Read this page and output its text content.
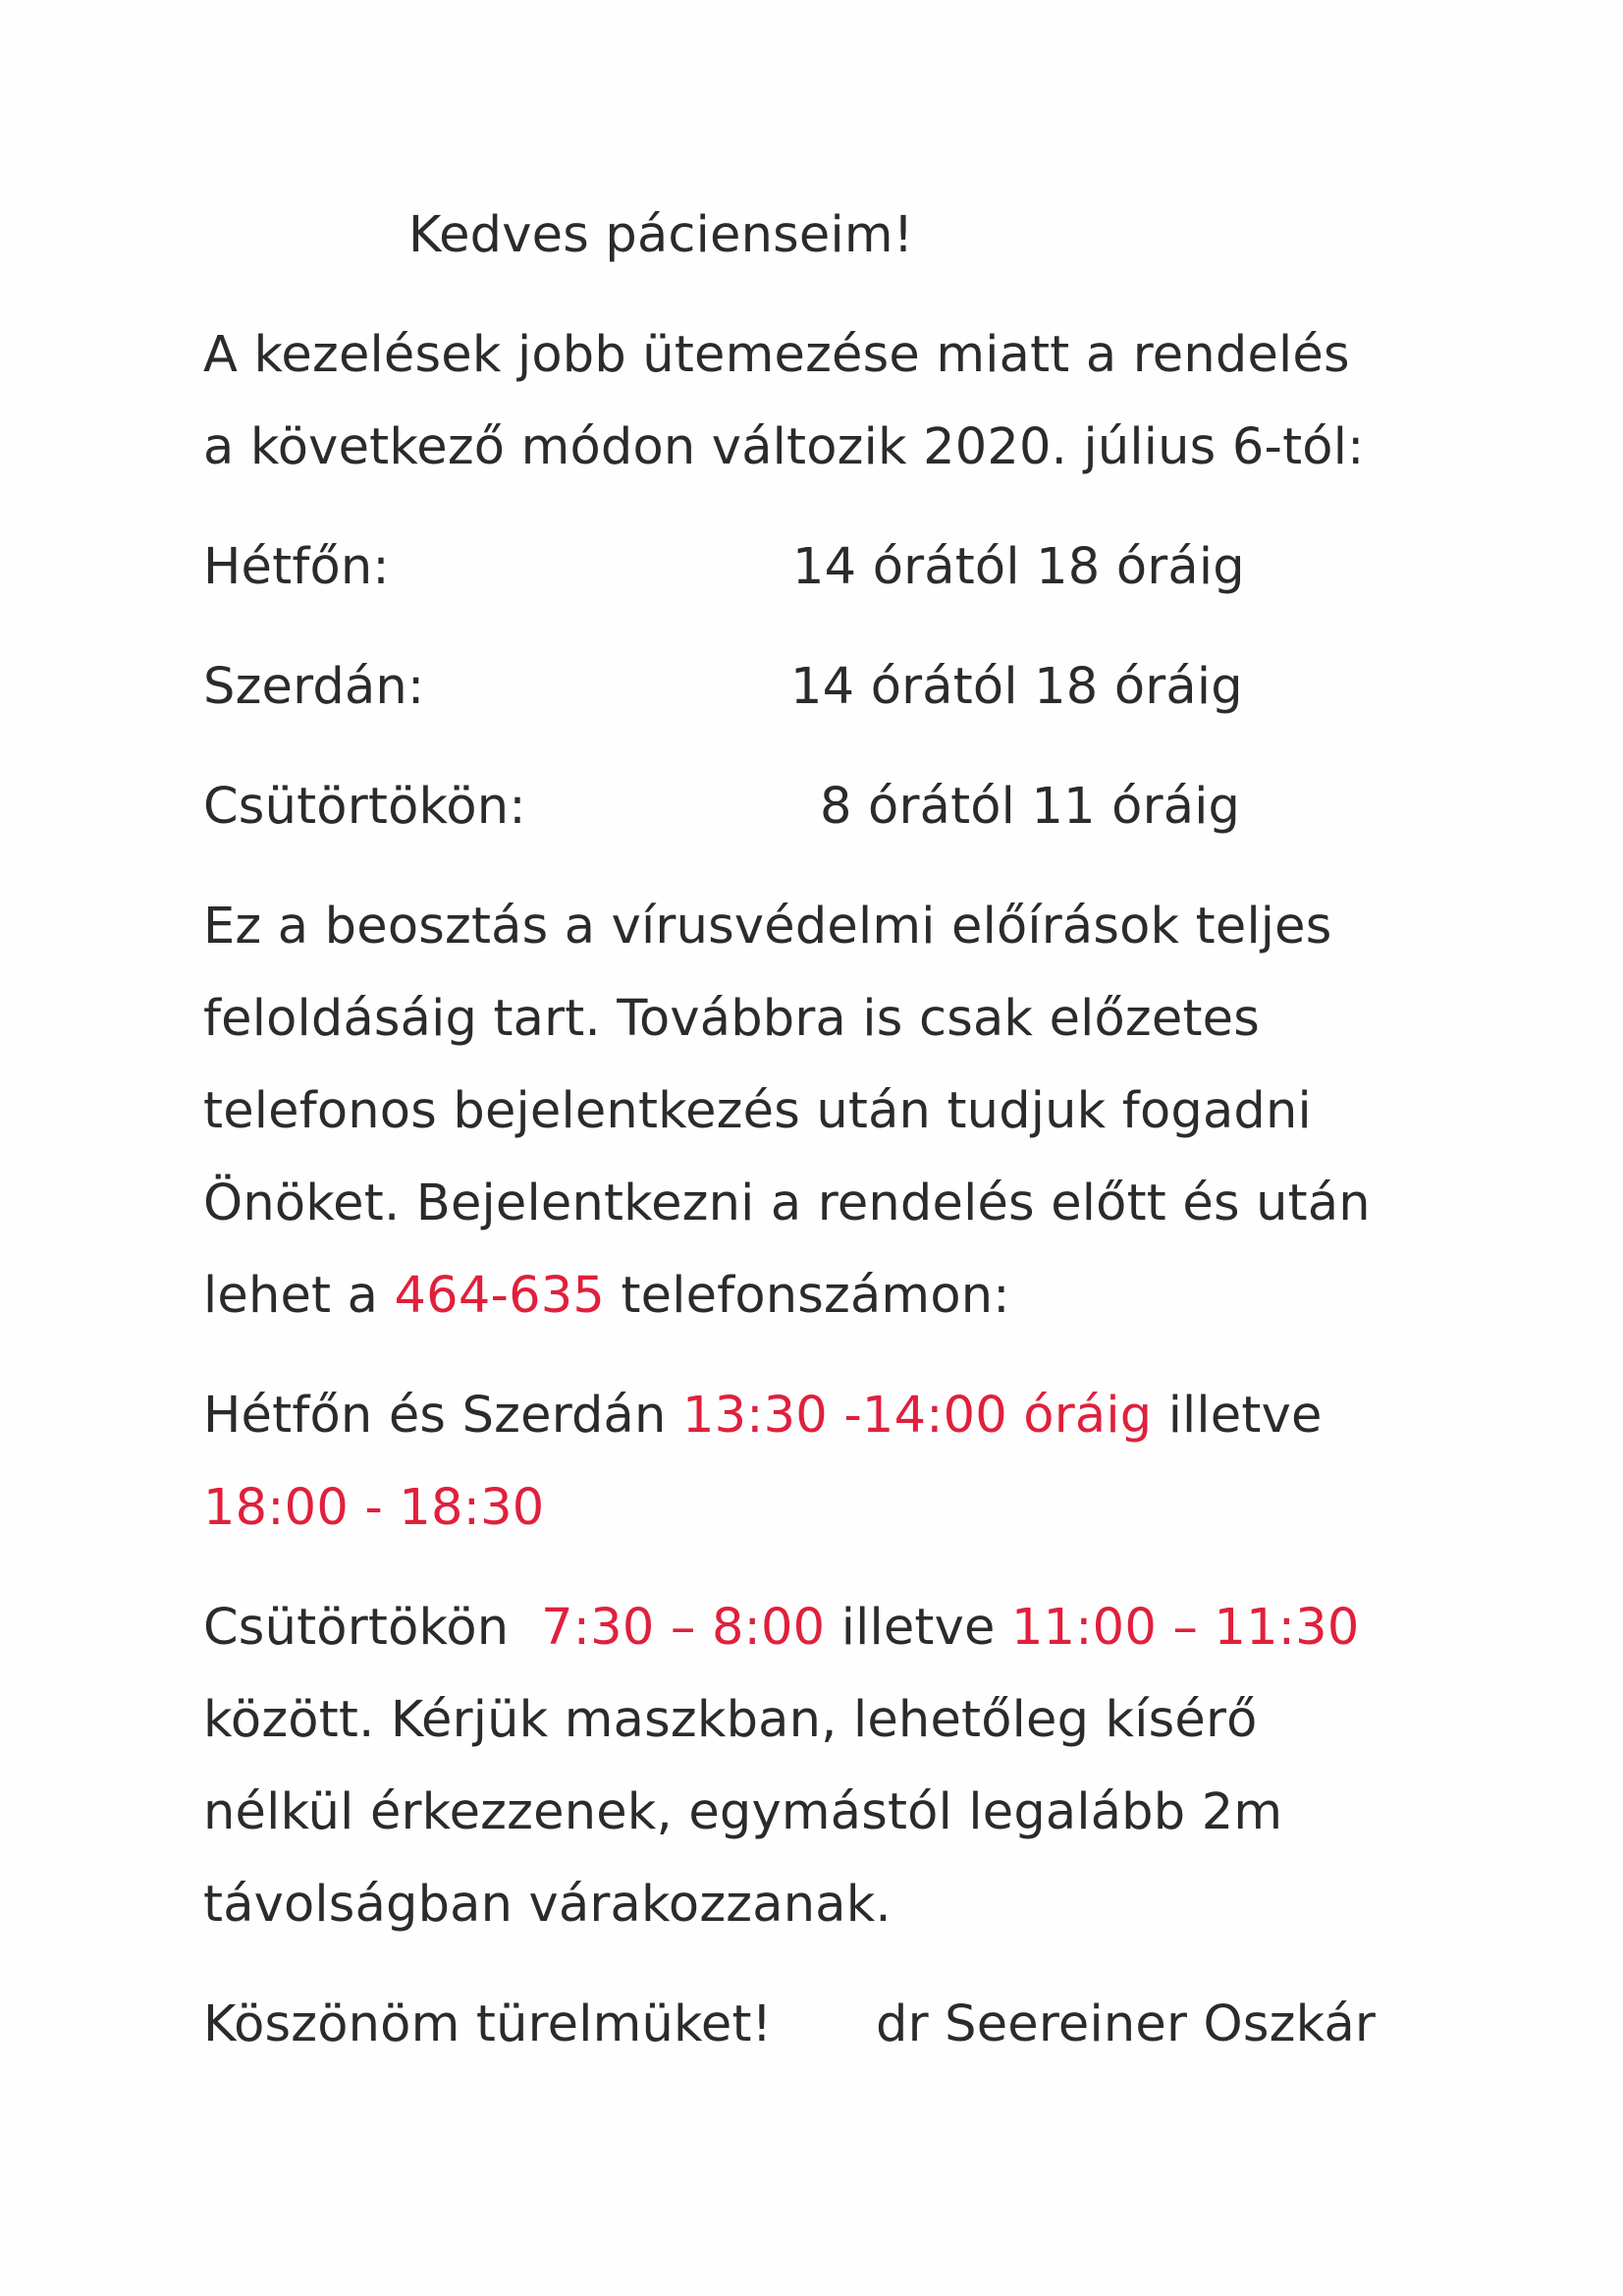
Kedves pácienseim!
A kezelések jobb ütemezése miatt a rendelés
a következő módon változik 2020. július 6-tól:
Hétfőn:	14 órától 18 óráig
Szerdán:	14 órától 18 óráig
Csütörtökön:	8 órától 11 óráig
Ez a beosztás a vírusvédelmi előírások teljes
feloldásáig tart. Továbbra is csak előzetes
telefonos bejelentkezés után tudjuk fogadni
Önöket. Bejelentkezni a rendelés előtt és után
lehet a 464-635 telefonszámon:
Hétfőn és Szerdán 13:30 -14:00 óráig illetve
18:00 - 18:30
Csütörtökön  7:30 – 8:00 illetve 11:00 – 11:30
között. Kérjük maszkban, lehetőleg kísérő
nélkül érkezzenek, egymástól legalább 2m
távolságban várakozzanak.
Köszönöm türelmüket! dr Seereiner Oszkár
